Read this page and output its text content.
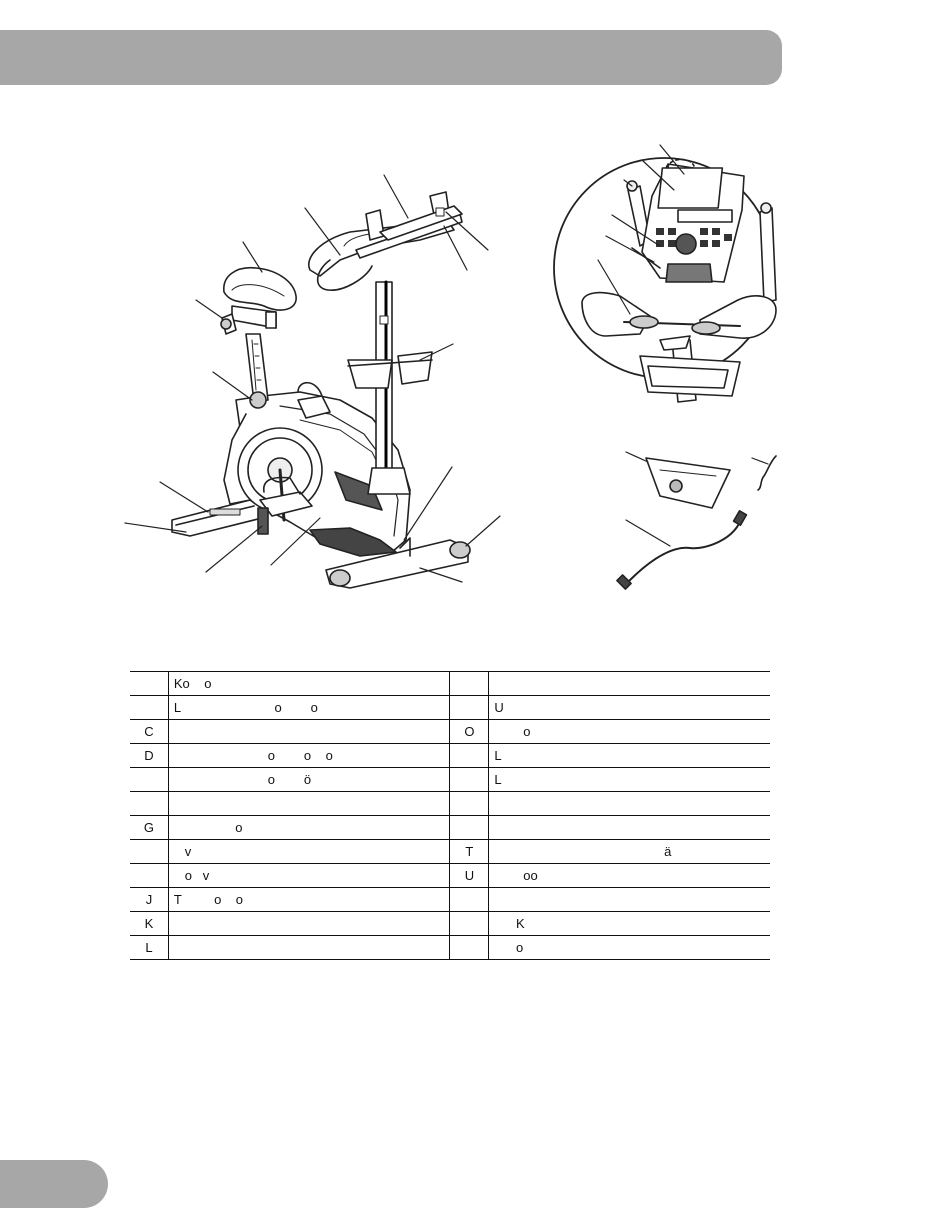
	Ko    o		
	L                          o        o		U
C		O	o
D	o        o    o		L
	o        ö		L

G	o		
	v	T	ä
	o   v	U	oo
J	T         o    o		
K			K
L			o
